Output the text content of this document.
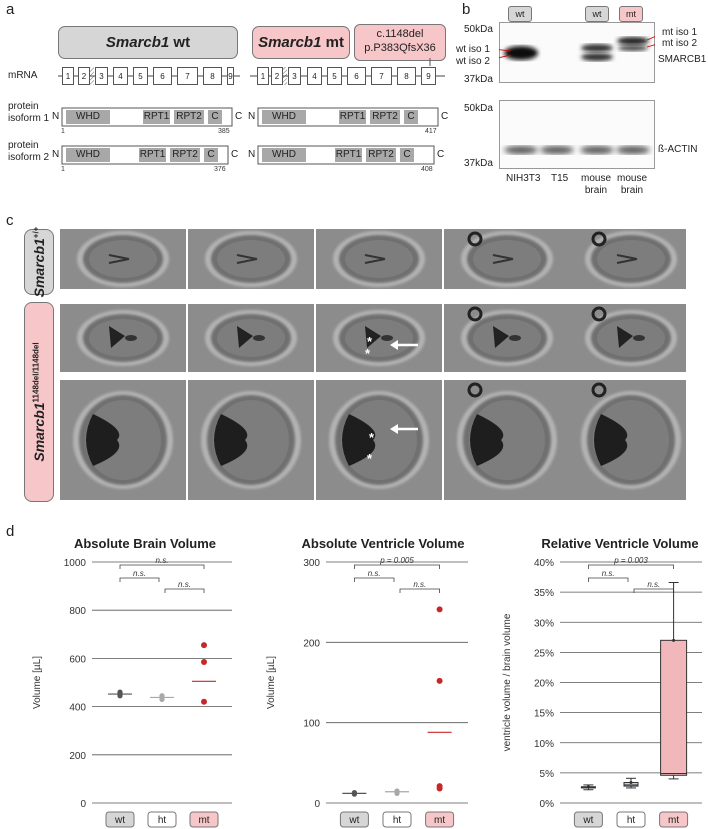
a
Smarcb1 wt	Smarcb1 mt	c.1148del
p.P383QfsX36
mRNA	1	2	3	4	5	6	7	8	9	1	2	3	4	5	6	7	8	9
protein
isoform 1
protein
isoform 2
N	C N	C
N	C N	C
WHD	RPT1 RPT2 C	WHD	RPT1 RPT2 C
WHD	RPT1 RPT2 C	WHD	RPT1 RPT2 C
1	385	417
1	376	408
b	wt	wt	mt
50kDa
37kDa
50kDa
37kDa
wt iso 1
wt iso 2
mt iso 1
mt iso 2
SMARCB1
ß-ACTIN
NIH3T3 T15 mouse
brain
mouse
brain
c
Smarcb1+/+
$Smarcb1^{1148del/1148del}$
*
*
*
*
d
Absolute Brain Volume	Absolute Ventricle Volume	Relative Ventricle Volume
0
200
400
600
800
1000
Volume [µL]
n.s.
n.s.
n.s.
wt	ht	mt
0
100
200
300
Volume [µL]
p = 0.005
n.s.
n.s.
wt	ht	mt
0%
5%
10%
15%
20%
25%
30%
35%
40%
ventricle volume / brain volume
p = 0.003
n.s.
n.s.
wt	ht	mt
